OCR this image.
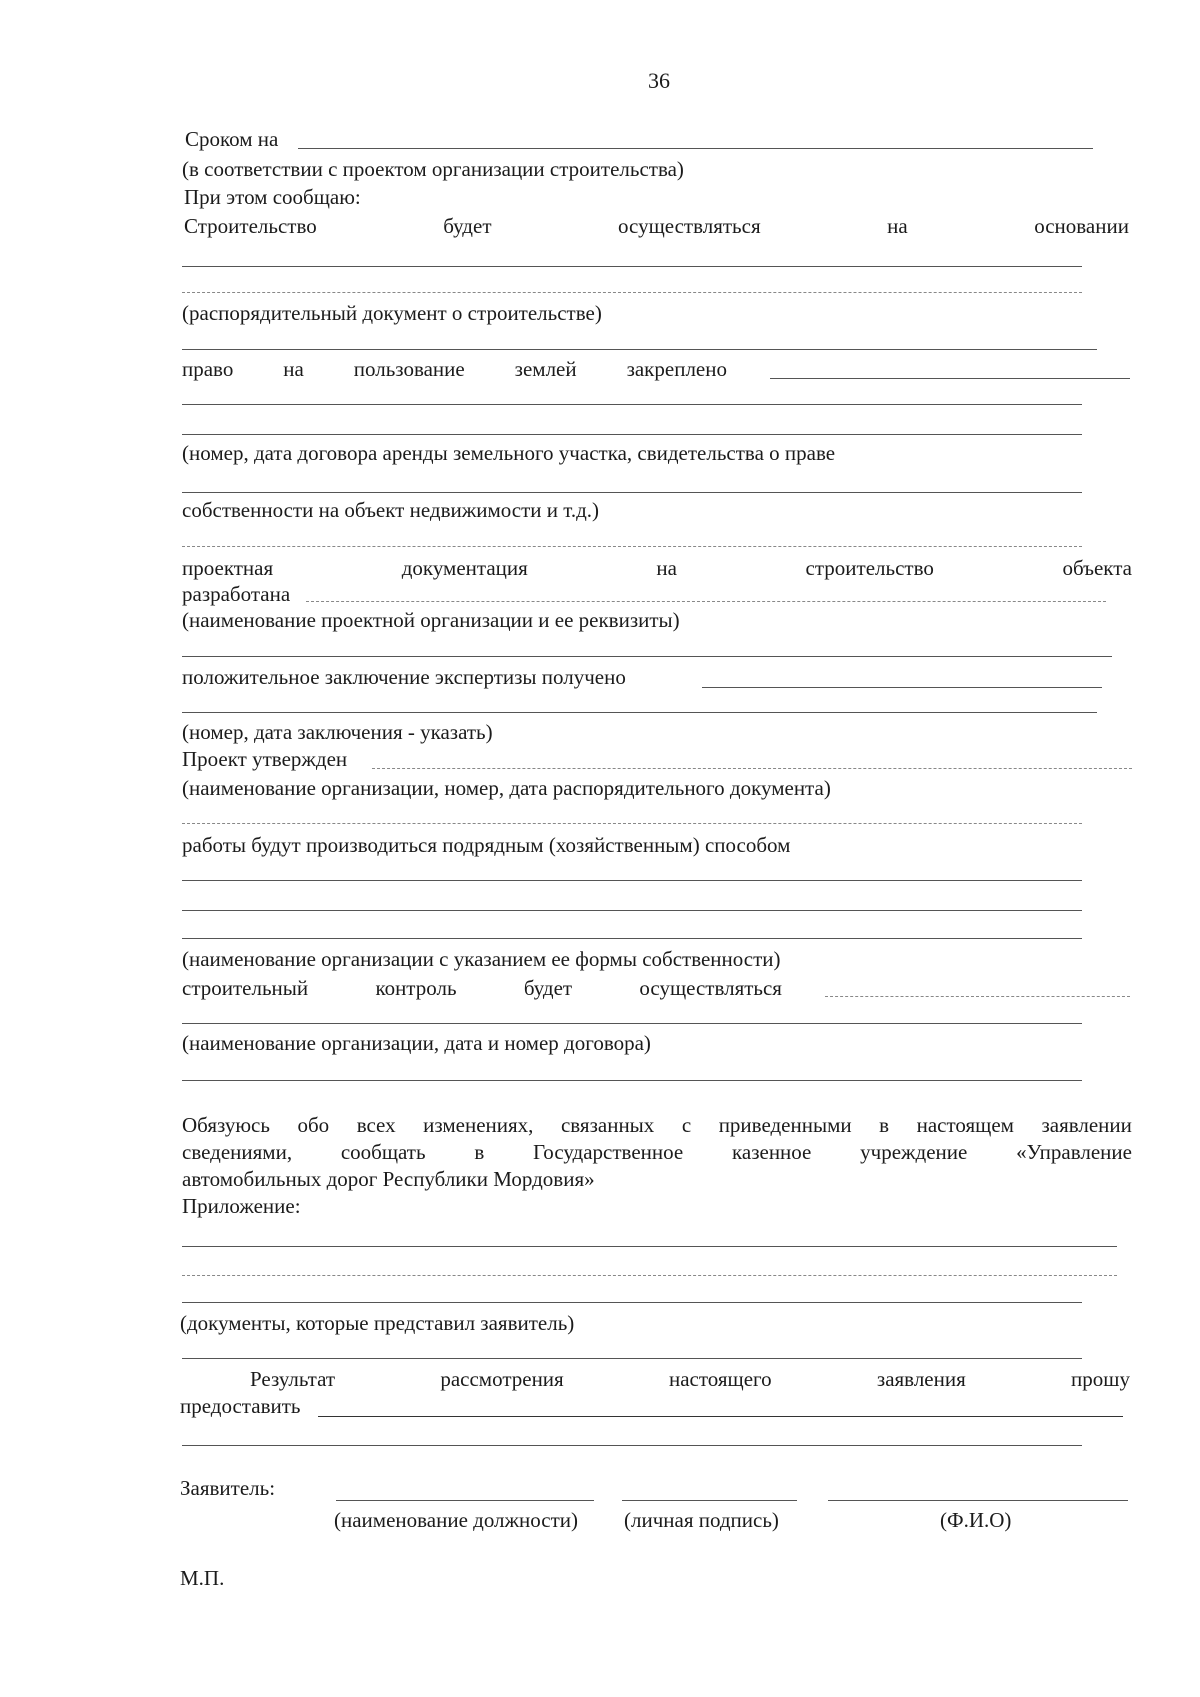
36
Сроком на
(в соответствии с проектом организации строительства)
При этом сообщаю:
Строительство	будет	осуществляться	на	основании
(распорядительный документ о строительстве)
право на пользование землей закреплено
(номер, дата договора аренды земельного участка, свидетельства о праве
собственности на объект недвижимости и т.д.)
проектная	документация	на	строительство	объекта
разработана
(наименование проектной организации и ее реквизиты)
положительное заключение экспертизы получено
(номер, дата заключения - указать)
Проект утвержден
(наименование организации, номер, дата распорядительного документа)
работы будут производиться подрядным (хозяйственным) способом
(наименование организации с указанием ее формы собственности)
строительный	контроль	будет	осуществляться
(наименование организации, дата и номер договора)
Обязуюсь обо всех изменениях, связанных с приведенными в настоящем заявлении
сведениями, сообщать в Государственное казенное учреждение «Управление
автомобильных дорог Республики Мордовия»
Приложение:
(документы, которые представил заявитель)
Результат	рассмотрения	настоящего	заявления	прошу
предоставить
Заявитель:
(наименование должности) (личная подпись)	(Ф.И.О)
М.П.
